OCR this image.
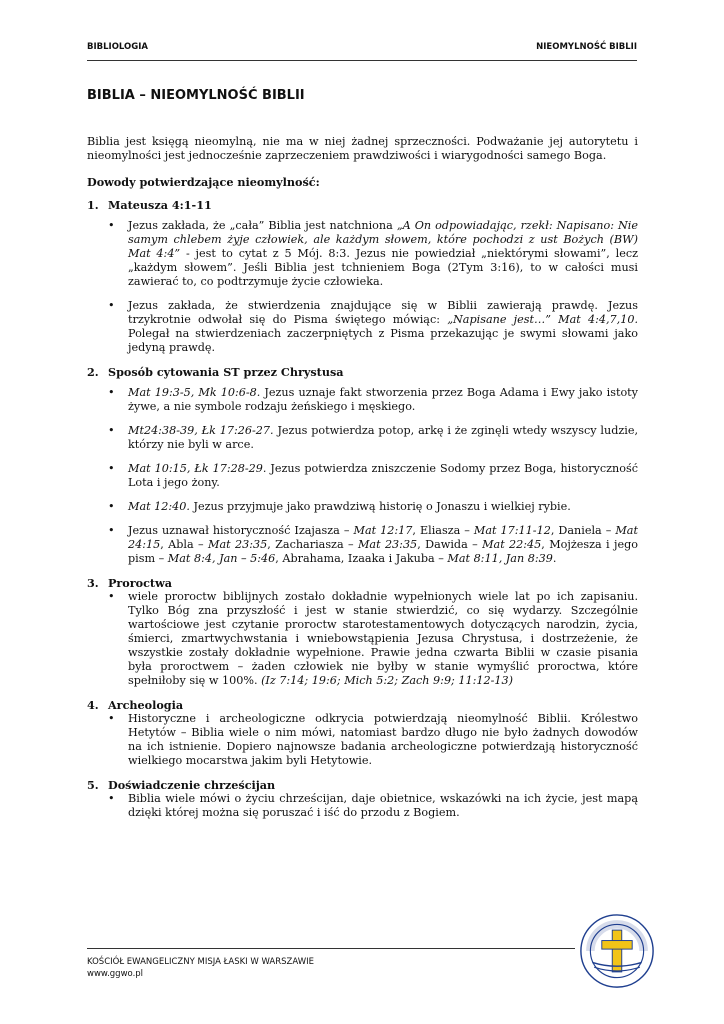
BIBLIOLOGIA	NIEOMYLNOŚĆ BIBLII
BIBLIA – NIEOMYLNOŚĆ BIBLII

Biblia jest księgą nieomylną, nie ma w niej żadnej sprzeczności. Podważanie jej autorytetu i nieomylności jest jednocześnie zaprzeczeniem prawdziwości i wiarygodności samego Boga.

Dowody potwierdzające nieomylność:

1. Mateusza 4:1-11
• Jezus zakłada, że „cała” Biblia jest natchniona „A On odpowiadając, rzekł: Napisano: Nie samym chlebem żyje człowiek, ale każdym słowem, które pochodzi z ust Bożych (BW) Mat 4:4” - jest to cytat z 5 Mój. 8:3. Jezus nie powiedział „niektórymi słowami”, lecz „każdym słowem”. Jeśli Biblia jest tchnieniem Boga (2Tym 3:16), to w całości musi zawierać to, co podtrzymuje życie człowieka.
• Jezus zakłada, że stwierdzenia znajdujące się w Biblii zawierają prawdę. Jezus trzykrotnie odwołał się do Pisma świętego mówiąc: „Napisane jest…” Mat 4:4,7,10. Polegał na stwierdzeniach zaczerpniętych z Pisma przekazując je swymi słowami jako jedyną prawdę.
2. Sposób cytowania ST przez Chrystusa
• Mat 19:3-5, Mk 10:6-8. Jezus uznaje fakt stworzenia przez Boga Adama i Ewy jako istoty żywe, a nie symbole rodzaju żeńskiego i męskiego.
• Mt24:38-39, Łk 17:26-27. Jezus potwierdza potop, arkę i że zginęli wtedy wszyscy ludzie, którzy nie byli w arce.
• Mat 10:15, Łk 17:28-29. Jezus potwierdza zniszczenie Sodomy przez Boga, historyczność Lota i jego żony.
• Mat 12:40. Jezus przyjmuje jako prawdziwą historię o Jonaszu i wielkiej rybie.
• Jezus uznawał historyczność Izajasza – Mat 12:17, Eliasza – Mat 17:11-12, Daniela – Mat 24:15, Abla – Mat 23:35, Zachariasza – Mat 23:35, Dawida – Mat 22:45, Mojżesza i jego pism – Mat 8:4, Jan – 5:46, Abrahama, Izaaka i Jakuba – Mat 8:11, Jan 8:39.
3. Proroctwa
• wiele proroctw biblijnych zostało dokładnie wypełnionych wiele lat po ich zapisaniu. Tylko Bóg zna przyszłość i jest w stanie stwierdzić, co się wydarzy. Szczególnie wartościowe jest czytanie proroctw starotestamentowych dotyczących narodzin, życia, śmierci, zmartwychwstania i wniebowstąpienia Jezusa Chrystusa, i dostrzeżenie, że wszystkie zostały dokładnie wypełnione. Prawie jedna czwarta Biblii w czasie pisania była proroctwem – żaden człowiek nie byłby w stanie wymyślić proroctwa, które spełniłoby się w 100%. (Iz 7:14; 19:6; Mich 5:2; Zach 9:9; 11:12-13)
4. Archeologia
• Historyczne i archeologiczne odkrycia potwierdzają nieomylność Biblii. Królestwo Hetytów – Biblia wiele o nim mówi, natomiast bardzo długo nie było żadnych dowodów na ich istnienie. Dopiero najnowsze badania archeologiczne potwierdzają historyczność wielkiego mocarstwa jakim byli Hetytowie.
5. Doświadczenie chrześcijan
• Biblia wiele mówi o życiu chrześcijan, daje obietnice, wskazówki na ich życie, jest mapą dzięki której można się poruszać i iść do przodu z Bogiem.
KOŚCIÓŁ EWANGELICZNY MISJA ŁASKI W WARSZAWIE
www.ggwo.pl
